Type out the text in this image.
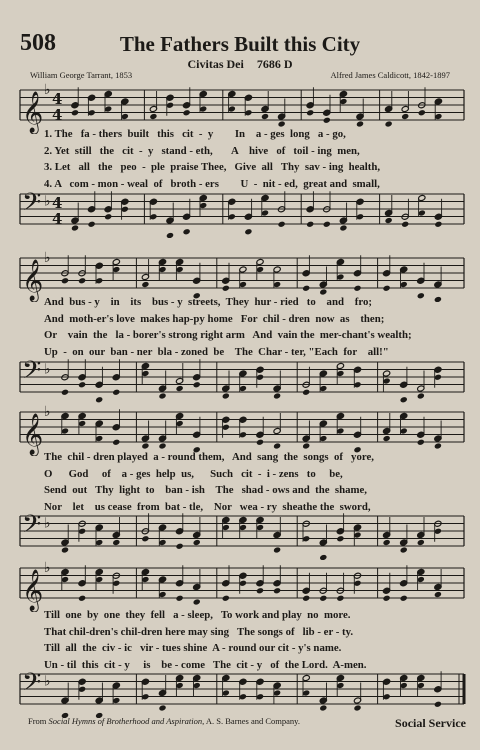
508	The Fathers Built this City
Civitas Dei 7686 D
William George Tarrant, 1853	Alfred James Caldicott, 1842-1897
𝄞
♭ 4
4
1. The   fa - thers  built   this   cit  -  y        In    a - ges  long   a - go,
2. Yet  still   the   cit  -  y   stand - eth,       A    hive   of   toil - ing  men,
3. Let   all   the   peo  -  ple  praise Thee,   Give  all   Thy  sav - ing  health,
4. A   com - mon - weal  of   broth - ers        U  -  nit - ed,  great and  small,
𝄢 ♭ 4
4
𝄞
♭
And  bus - y    in    its    bus - y  streets,  They  hur - ried   to    and    fro;
And  moth-er's love  makes hap-py home   For  chil - dren  now  as    then;
Or    vain  the   la - borer's strong right arm   And  vain the  mer-chant's wealth;
Up  -  on  our  ban - ner  bla - zoned  be    The  Char - ter, "Each  for    all!"
𝄢 ♭
𝄞
♭
The  chil - dren played  a - round them,   And  sang  the  songs  of   yore,
O      God     of    a - ges  help  us,      Such   cit  -  i - zens   to     be,
Send  out   Thy  light  to    ban - ish    The   shad - ows and  the  shame,
Nor    let    us cease  from  bat - tle,    Nor   wea - ry  sheathe the  sword,
𝄢 ♭
𝄞
♭
Till  one  by  one  they  fell   a - sleep,   To work and play  no  more.
That chil-dren's chil-dren here may sing   The songs of   lib - er - ty.
Till  all  the  civ - ic   vir - tues shine  A - round our cit - y's name.
Un - til  this  cit - y     is    be - come   The  cit - y   of  the Lord.  A-men.
𝄢 ♭
From Social Hymns of Brotherhood and Aspiration, A. S. Barnes and Company.	Social Service
